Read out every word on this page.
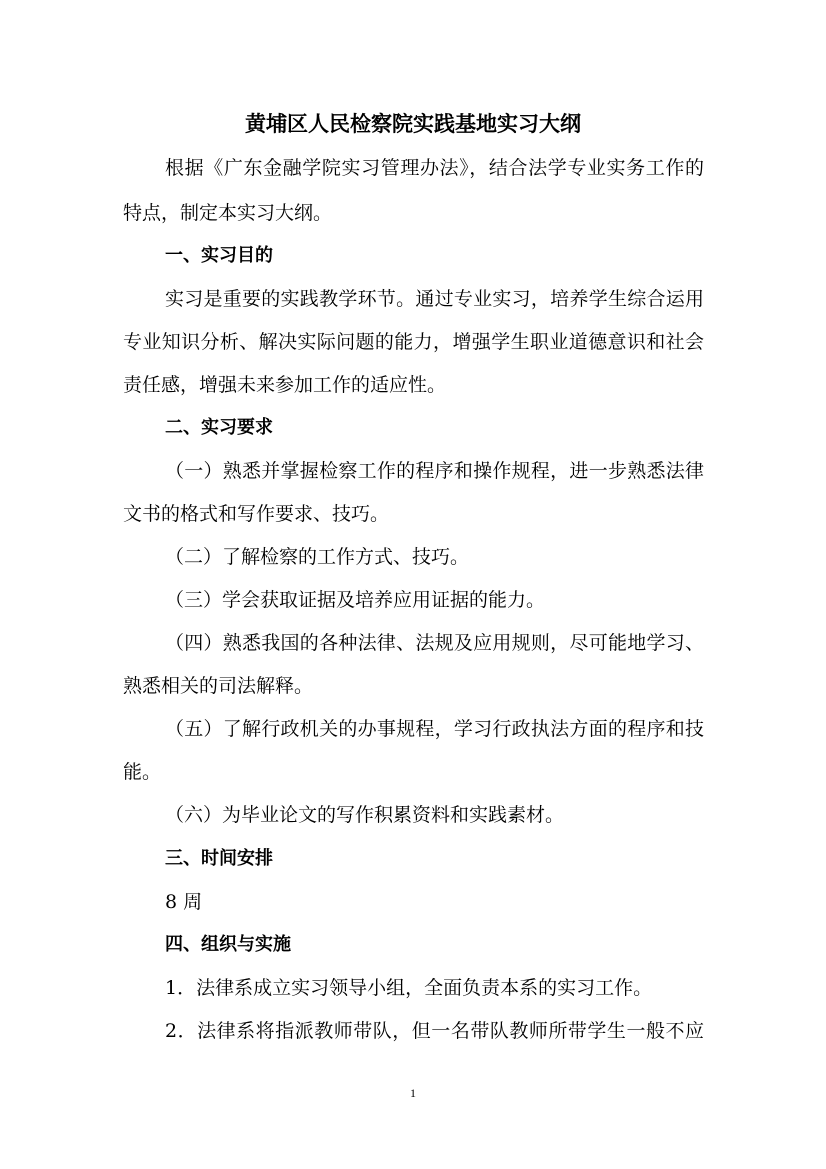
黄埔区人民检察院实践基地实习大纲

根据《广东金融学院实习管理办法》，结合法学专业实务工作的

特点，制定本实习大纲。

一、实习目的

实习是重要的实践教学环节。通过专业实习，培养学生综合运用

专业知识分析、解决实际问题的能力，增强学生职业道德意识和社会

责任感，增强未来参加工作的适应性。

二、实习要求

（一）熟悉并掌握检察工作的程序和操作规程，进一步熟悉法律

文书的格式和写作要求、技巧。

（二）了解检察的工作方式、技巧。

（三）学会获取证据及培养应用证据的能力。

（四）熟悉我国的各种法律、法规及应用规则，尽可能地学习、

熟悉相关的司法解释。

（五）了解行政机关的办事规程，学习行政执法方面的程序和技

能。

（六）为毕业论文的写作积累资料和实践素材。

三、时间安排

8 周

四、组织与实施

1．法律系成立实习领导小组，全面负责本系的实习工作。

2．法律系将指派教师带队，但一名带队教师所带学生一般不应

1
